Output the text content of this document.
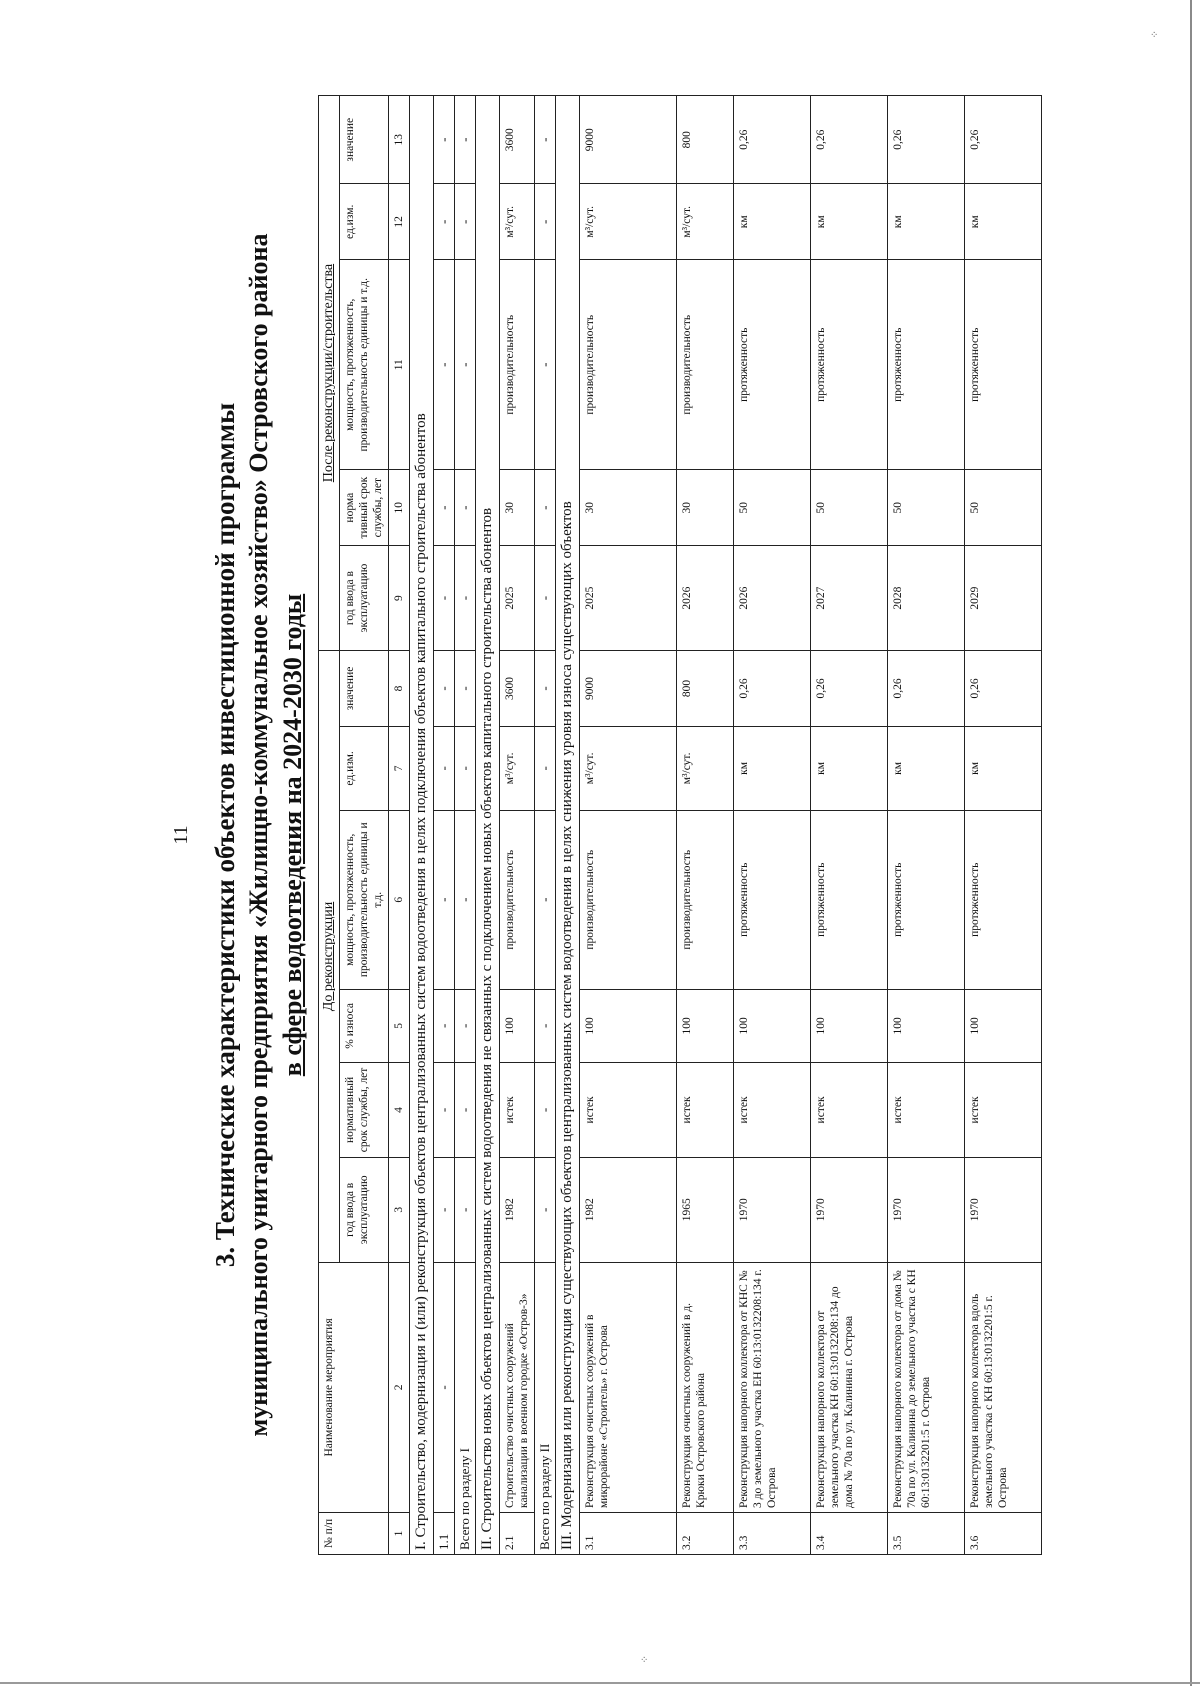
⁘
⁘
11 3. Технические характеристики объектов инвестиционной программы муниципального унитарного предприятия «Жилищно-коммунальное хозяйство» Островского района в сфере водоотведения на 2024-2030 годы
№ п/п	Наименование мероприятия	До реконструкции						После реконструкции/строительства				
		год ввода в эксплуатацию	нормативный срок службы, лет	% износа	мощность, протяженность, производительность единицы и т.д.	ед.изм.	значение	год ввода в эксплуатацию	норма тивный срок службы, лет	мощность, протяженность, производительность единицы и т.д.	ед.изм.	значение
1	2	3	4	5	6	7	8	9	10	11	12	13
I. Строительство, модернизация и (или) реконструкция объектов централизованных систем водоотведения в целях подключения объектов капитального строительства абонентов												
1.1	-	-	-	-	-	-	-	-	-	-	-	-
Всего по разделу I		-	-	-	-	-	-	-	-	-	-	-
II. Строительство новых объектов централизованных систем водоотведения не связанных с подключением новых объектов капитального строительства абонентов												
2.1	Строительство очистных сооружений канализации в военном городке «Остров-3»	1982	истек	100	производительность	м³/сут.	3600	2025	30	производительность	м³/сут.	3600
Всего по разделу II		-	-	-	-	-	-	-	-	-	-	-
III. Модернизация или реконструкция существующих объектов централизованных систем водоотведения в целях снижения уровня износа существующих объектов												
3.1	Реконструкция очистных сооружений в микрорайоне «Строитель» г. Острова	1982	истек	100	производительность	м³/сут.	9000	2025	30	производительность	м³/сут.	9000
3.2	Реконструкция очистных сооружений в д. Крюки Островского района	1965	истек	100	производительность	м³/сут.	800	2026	30	производительность	м³/сут.	800
3.3	Реконструкция напорного коллектора от КНС № 3 до земельного участка ЕН 60:13:0132208:134 г. Острова	1970	истек	100	протяженность	км	0,26	2026	50	протяженность	км	0,26
3.4	Реконструкция напорного коллектора от земельного участка КН 60:13:0132208:134 до дома № 70а по ул. Калинина г. Острова	1970	истек	100	протяженность	км	0,26	2027	50	протяженность	км	0,26
3.5	Реконструкция напорного коллектора от дома № 70а по ул. Калинина до земельного участка с КН 60:13:0132201:5 г. Острова	1970	истек	100	протяженность	км	0,26	2028	50	протяженность	км	0,26
3.6	Реконструкция напорного коллектора вдоль земельного участка с КН 60:13:0132201:5 г. Острова	1970	истек	100	протяженность	км	0,26	2029	50	протяженность	км	0,26
